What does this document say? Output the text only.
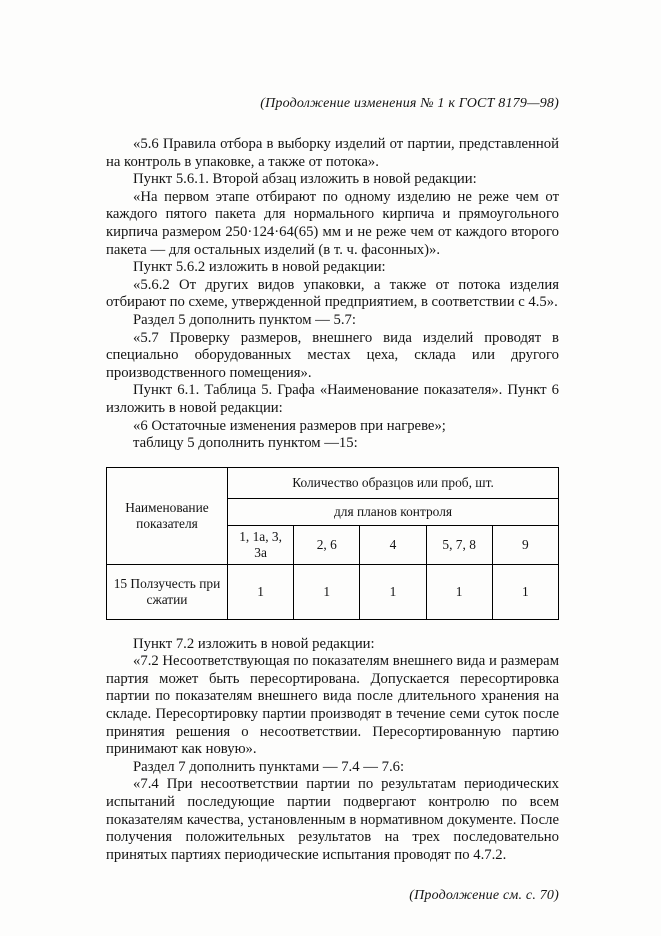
(Продолжение изменения № 1 к ГОСТ 8179—98)

«5.6 Правила отбора в выборку изделий от партии, представленной на контроль в упаковке, а также от потока».

Пункт 5.6.1. Второй абзац изложить в новой редакции:

«На первом этапе отбирают по одному изделию не реже чем от каждого пятого пакета для нормального кирпича и прямоугольного кирпича размером 250·124·64(65) мм и не реже чем от каждого второго пакета — для остальных изделий (в т. ч. фасонных)».

Пункт 5.6.2 изложить в новой редакции:

«5.6.2 От других видов упаковки, а также от потока изделия отбирают по схеме, утвержденной предприятием, в соответствии с 4.5».

Раздел 5 дополнить пунктом — 5.7:

«5.7 Проверку размеров, внешнего вида изделий проводят в специально оборудованных местах цеха, склада или другого производственного помещения».

Пункт 6.1. Таблица 5. Графа «Наименование показателя». Пункт 6 изложить в новой редакции:

«6 Остаточные изменения размеров при нагреве»;

таблицу 5 дополнить пунктом —15:

Наименование показателя	Количество образцов или проб, шт.				
	для планов контроля				
	1, 1а, 3, 3а	2, 6	4	5, 7, 8	9
15 Ползучесть при сжатии	1	1	1	1	1

Пункт 7.2 изложить в новой редакции:

«7.2 Несоответствующая по показателям внешнего вида и размерам партия может быть пересортирована. Допускается пересортировка партии по показателям внешнего вида после длительного хранения на складе. Пересортировку партии производят в течение семи суток после принятия решения о несоответствии. Пересортированную партию принимают как новую».

Раздел 7 дополнить пунктами — 7.4 — 7.6:

«7.4 При несоответствии партии по результатам периодических испытаний последующие партии подвергают контролю по всем показателям качества, установленным в нормативном документе. После получения положительных результатов на трех последовательно принятых партиях периодические испытания проводят по 4.7.2.

(Продолжение см. с. 70)
